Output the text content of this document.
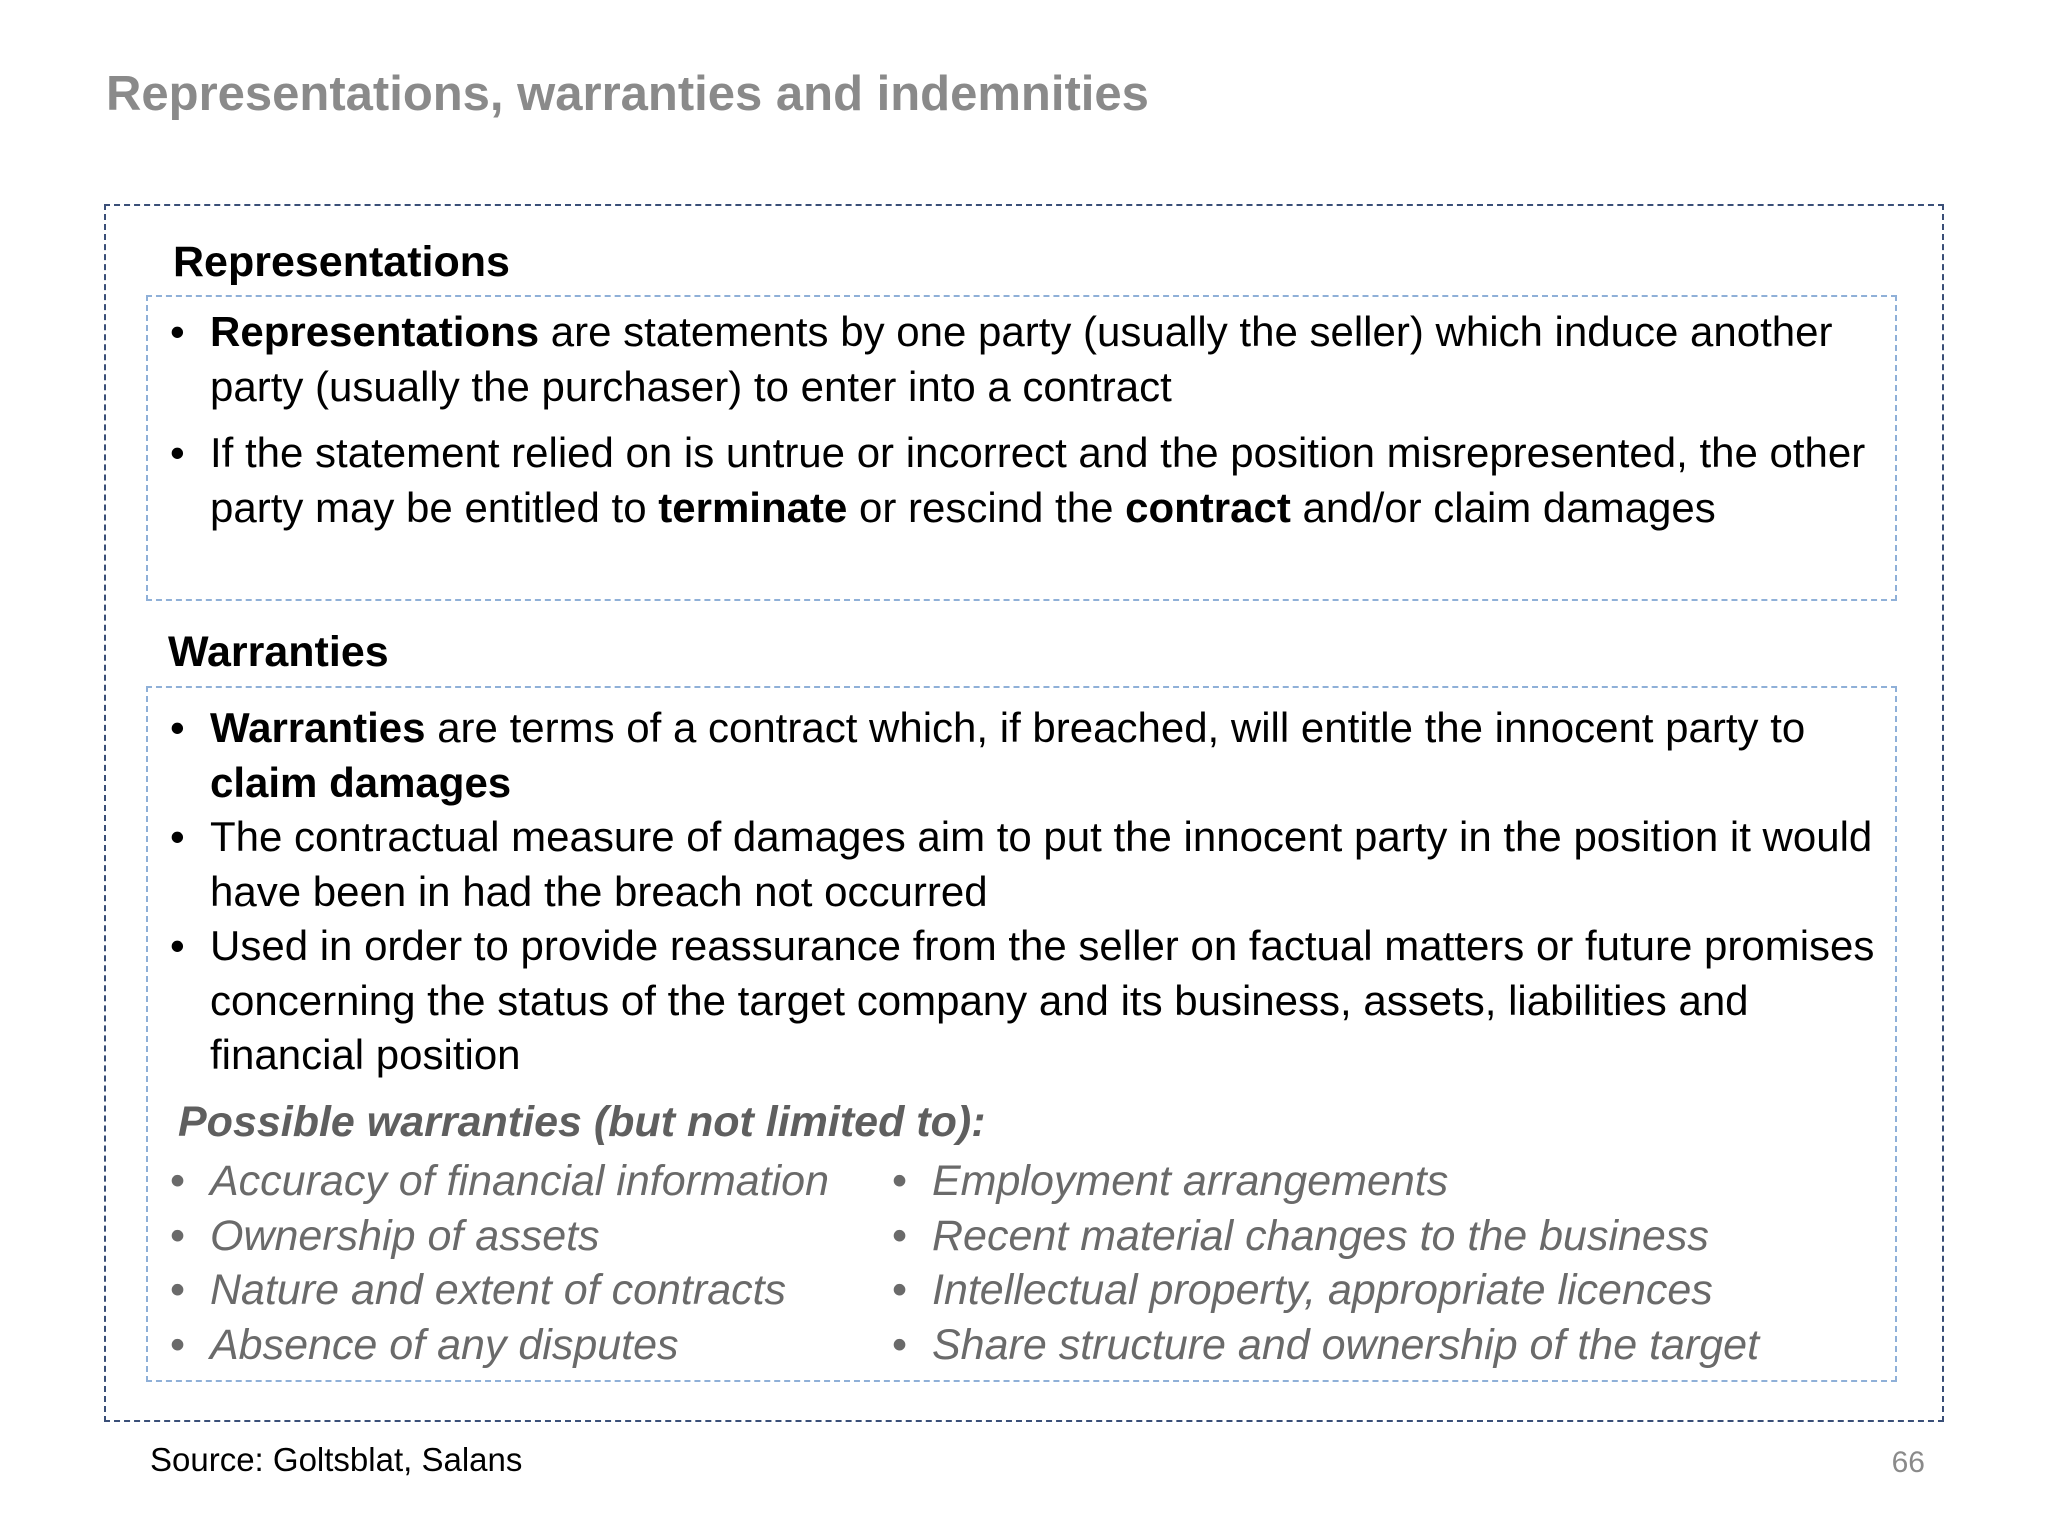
Representations, warranties and indemnities
Representations
• Representations are statements by one party (usually the seller) which induce another party (usually the purchaser) to enter into a contract
• If the statement relied on is untrue or incorrect and the position misrepresented, the other party may be entitled to terminate or rescind the contract and/or claim damages
Warranties
• Warranties are terms of a contract which, if breached, will entitle the innocent party to claim damages
• The contractual measure of damages aim to put the innocent party in the position it would have been in had the breach not occurred
• Used in order to provide reassurance from the seller on factual matters or future promises concerning the status of the target company and its business, assets, liabilities and financial position
Possible warranties (but not limited to):
• Accuracy of financial information
• Ownership of assets
• Nature and extent of contracts
• Absence of any disputes
• Employment arrangements
• Recent material changes to the business
• Intellectual property, appropriate licences
• Share structure and ownership of the target

Source: Goltsblat, Salans	66
